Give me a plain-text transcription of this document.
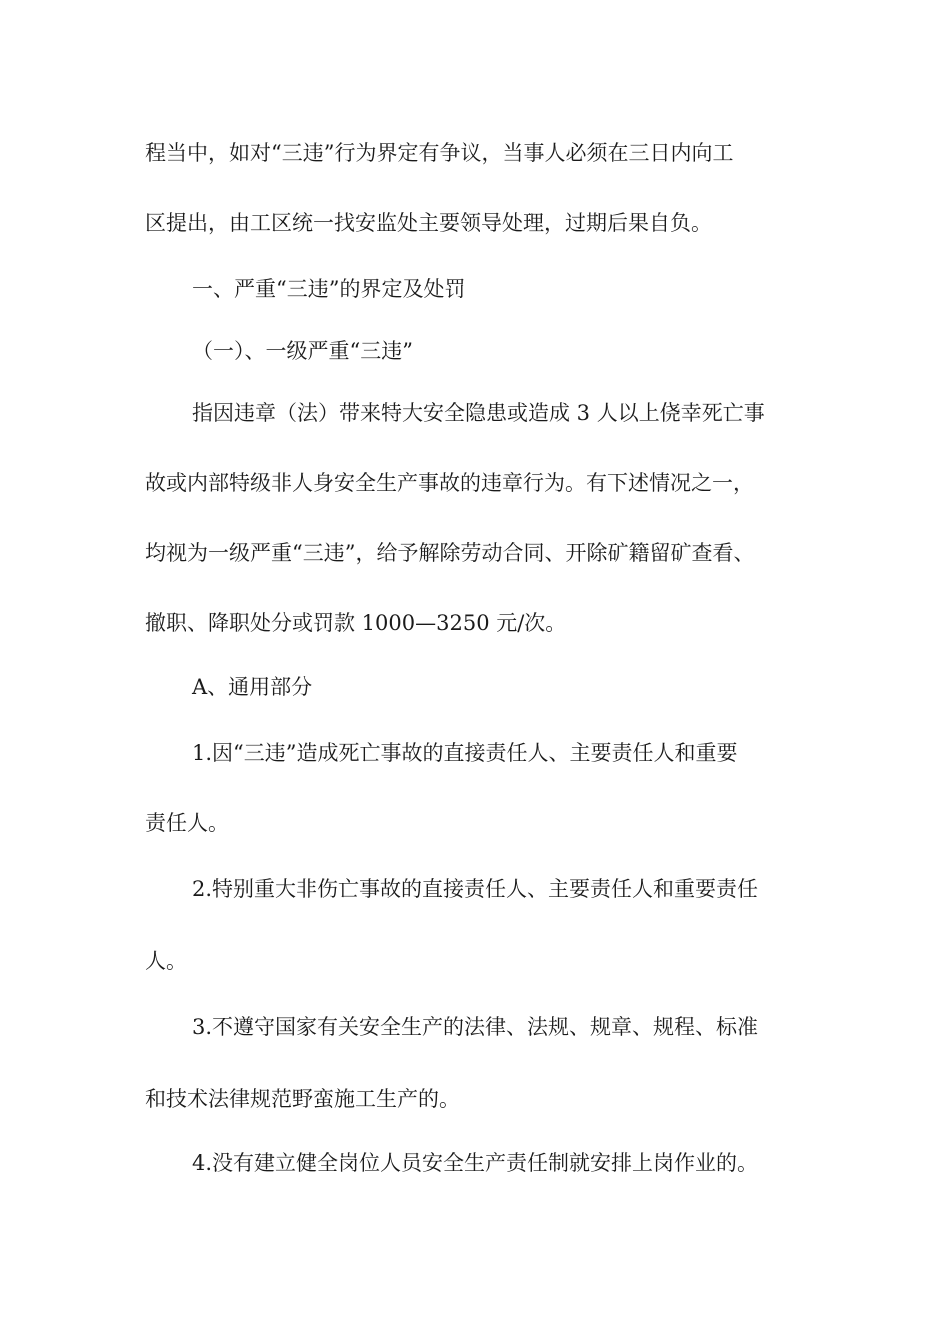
程当中，如对“三违”行为界定有争议，当事人必须在三日内向工
区提出，由工区统一找安监处主要领导处理，过期后果自负。
一、严重“三违”的界定及处罚
（一）、一级严重“三违”
指因违章（法）带来特大安全隐患或造成 3 人以上侥幸死亡事
故或内部特级非人身安全生产事故的违章行为。有下述情况之一，
均视为一级严重“三违”，给予解除劳动合同、开除矿籍留矿查看、
撤职、降职处分或罚款 1000—3250 元/次。
A、通用部分
1.因“三违”造成死亡事故的直接责任人、主要责任人和重要
责任人。
2.特别重大非伤亡事故的直接责任人、主要责任人和重要责任
人。
3.不遵守国家有关安全生产的法律、法规、规章、规程、标准
和技术法律规范野蛮施工生产的。
4.没有建立健全岗位人员安全生产责任制就安排上岗作业的。
